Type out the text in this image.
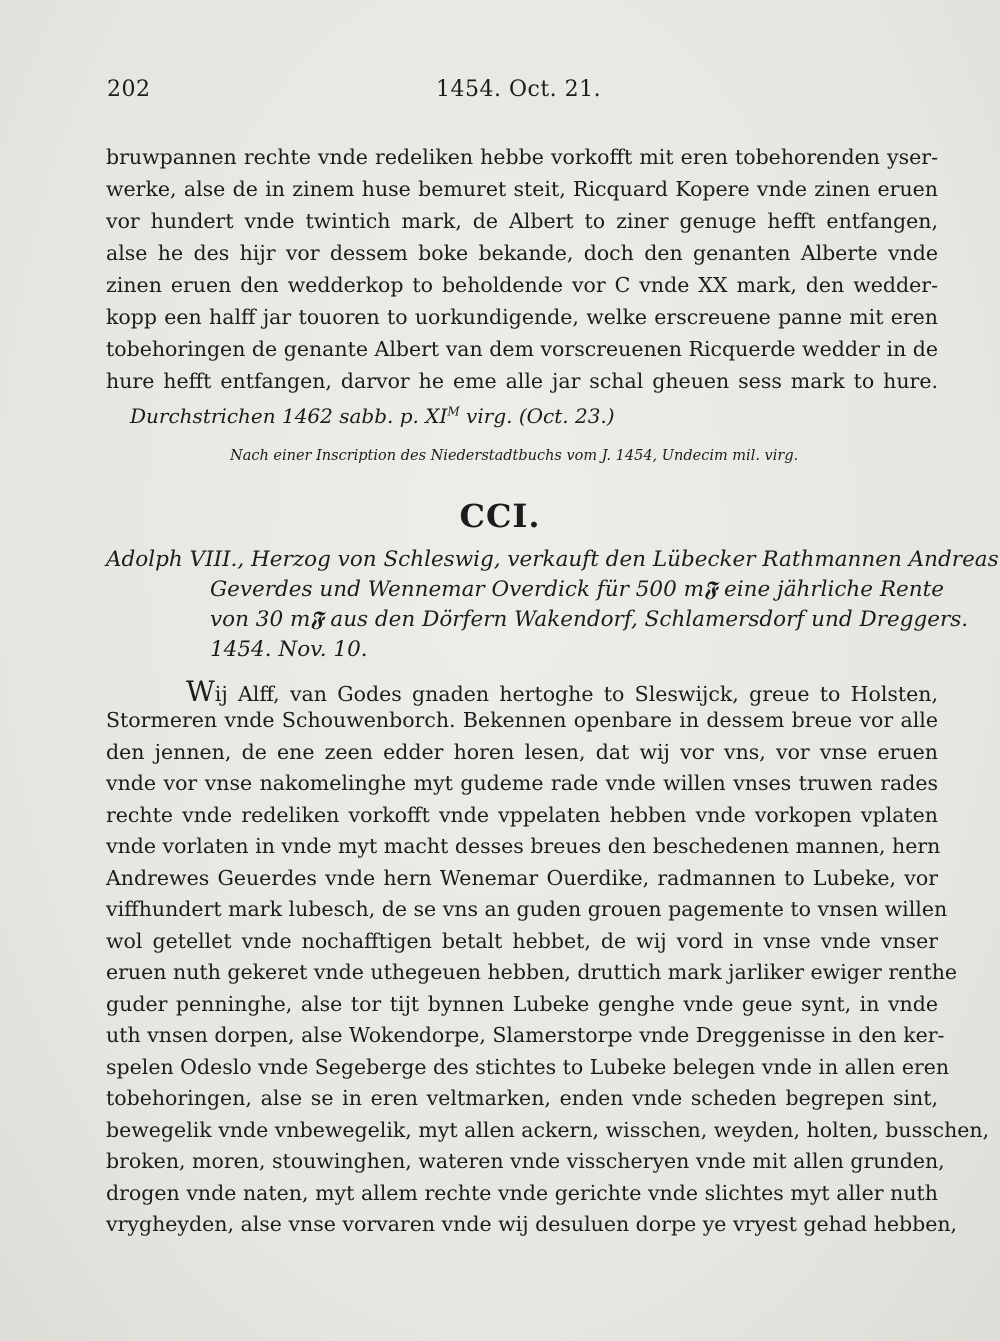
202	1454. Oct. 21.
bruwpannen rechte vnde redeliken hebbe vorkofft mit eren tobehorenden yser-
werke, alse de in zinem huse bemuret steit, Ricquard Kopere vnde zinen eruen
vor hundert vnde twintich mark, de Albert to ziner genuge hefft entfangen,
alse he des hijr vor dessem boke bekande, doch den genanten Alberte vnde
zinen eruen den wedderkop to beholdende vor C vnde XX mark, den wedder-
kopp een halff jar touoren to uorkundigende, welke erscreuene panne mit eren
tobehoringen de genante Albert van dem vorscreuenen Ricquerde wedder in de
hure hefft entfangen, darvor he eme alle jar schal gheuen sess mark to hure.
Durchstrichen 1462 sabb. p. $XI^M$ virg. (Oct. 23.)
Nach einer Inscription des Niederstadtbuchs vom J. 1454, Undecim mil. virg.
CCI.
Adolph VIII., Herzog von Schleswig, verkauft den Lübecker Rathmannen Andreas
Geverdes und Wennemar Overdick für 500 m𝕱 eine jährliche Rente
von 30 m𝕱 aus den Dörfern Wakendorf, Schlamersdorf und Dreggers.
1454. Nov. 10.
Wij Alff, van Godes gnaden hertoghe to Sleswijck, greue to Holsten,
Stormeren vnde Schouwenborch. Bekennen openbare in dessem breue vor alle
den jennen, de ene zeen edder horen lesen, dat wij vor vns, vor vnse eruen
vnde vor vnse nakomelinghe myt gudeme rade vnde willen vnses truwen rades
rechte vnde redeliken vorkofft vnde vppelaten hebben vnde vorkopen vplaten
vnde vorlaten in vnde myt macht desses breues den beschedenen mannen, hern
Andrewes Geuerdes vnde hern Wenemar Ouerdike, radmannen to Lubeke, vor
viffhundert mark lubesch, de se vns an guden grouen pagemente to vnsen willen
wol getellet vnde nochafftigen betalt hebbet, de wij vord in vnse vnde vnser
eruen nuth gekeret vnde uthegeuen hebben, druttich mark jarliker ewiger renthe
guder penninghe, alse tor tijt bynnen Lubeke genghe vnde geue synt, in vnde
uth vnsen dorpen, alse Wokendorpe, Slamerstorpe vnde Dreggenisse in den ker-
spelen Odeslo vnde Segeberge des stichtes to Lubeke belegen vnde in allen eren
tobehoringen, alse se in eren veltmarken, enden vnde scheden begrepen sint,
bewegelik vnde vnbewegelik, myt allen ackern, wisschen, weyden, holten, busschen,
broken, moren, stouwinghen, wateren vnde visscheryen vnde mit allen grunden,
drogen vnde naten, myt allem rechte vnde gerichte vnde slichtes myt aller nuth
vrygheyden, alse vnse vorvaren vnde wij desuluen dorpe ye vryest gehad hebben,
